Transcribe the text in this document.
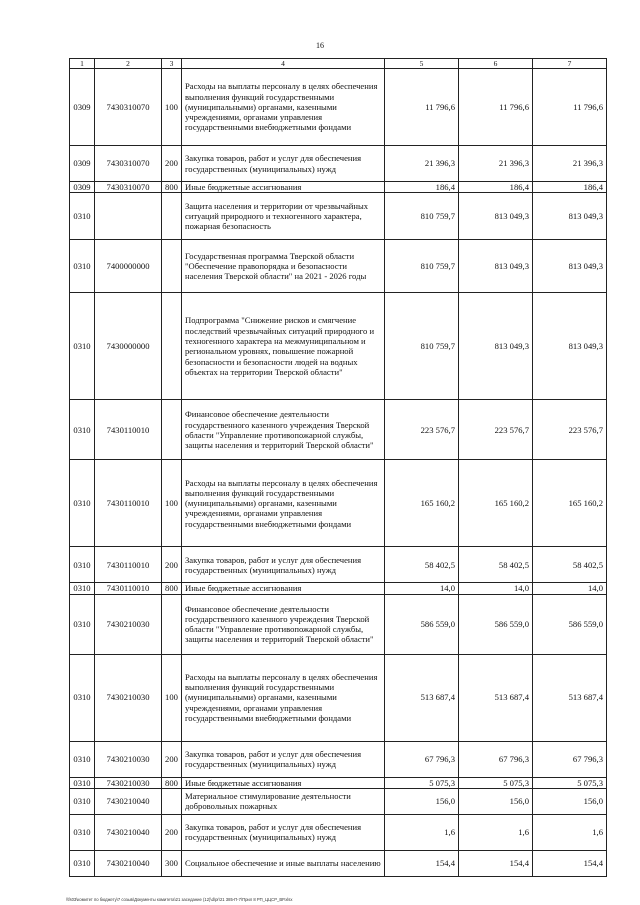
16
1	2	3	4	5	6	7
0309	7430310070	100	Расходы на выплаты персоналу в целях обеспечения выполнения функций государственными (муниципальными) органами, казенными учреждениями, органами управления государственными внебюджетными фондами	11 796,6	11 796,6	11 796,6
0309	7430310070	200	Закупка товаров, работ и услуг для обеспечения государственных (муниципальных) нужд	21 396,3	21 396,3	21 396,3
0309	7430310070	800	Иные бюджетные ассигнования	186,4	186,4	186,4
0310			Защита населения и территории от чрезвычайных ситуаций природного и техногенного характера, пожарная безопасность	810 759,7	813 049,3	813 049,3
0310	7400000000		Государственная программа Тверской области "Обеспечение правопорядка и безопасности населения Тверской области" на 2021 - 2026 годы	810 759,7	813 049,3	813 049,3
0310	7430000000		Подпрограмма "Снижение рисков и смягчение последствий чрезвычайных ситуаций природного и техногенного характера на межмуниципальном и региональном уровнях, повышение пожарной безопасности и безопасности людей на водных объектах на территории Тверской области"	810 759,7	813 049,3	813 049,3
0310	7430110010		Финансовое обеспечение деятельности государственного казенного учреждения Тверской области "Управление противопожарной службы, защиты населения и территорий Тверской области"	223 576,7	223 576,7	223 576,7
0310	7430110010	100	Расходы на выплаты персоналу в целях обеспечения выполнения функций государственными (муниципальными) органами, казенными учреждениями, органами управления государственными внебюджетными фондами	165 160,2	165 160,2	165 160,2
0310	7430110010	200	Закупка товаров, работ и услуг для обеспечения государственных (муниципальных) нужд	58 402,5	58 402,5	58 402,5
0310	7430110010	800	Иные бюджетные ассигнования	14,0	14,0	14,0
0310	7430210030		Финансовое обеспечение деятельности государственного казенного учреждения Тверской области "Управление противопожарной службы, защиты населения и территорий Тверской области"	586 559,0	586 559,0	586 559,0
0310	7430210030	100	Расходы на выплаты персоналу в целях обеспечения выполнения функций государственными (муниципальными) органами, казенными учреждениями, органами управления государственными внебюджетными фондами	513 687,4	513 687,4	513 687,4
0310	7430210030	200	Закупка товаров, работ и услуг для обеспечения государственных (муниципальных) нужд	67 796,3	67 796,3	67 796,3
0310	7430210030	800	Иные бюджетные ассигнования	5 075,3	5 075,3	5 075,3
0310	7430210040		Материальное стимулирование деятельности добровольных пожарных	156,0	156,0	156,0
0310	7430210040	200	Закупка товаров, работ и услуг для обеспечения государственных (муниципальных) нужд	1,6	1,6	1,6
0310	7430210040	300	Социальное обеспечение и иные выплаты населению	154,4	154,4	154,4
\\fs03\комитет по бюджету\7 созыв\Документы комитета\21 заседание (12)\d\pr\21 385-П-7\Прил 8 РП_ЦЦСР_ВР.xlsx
